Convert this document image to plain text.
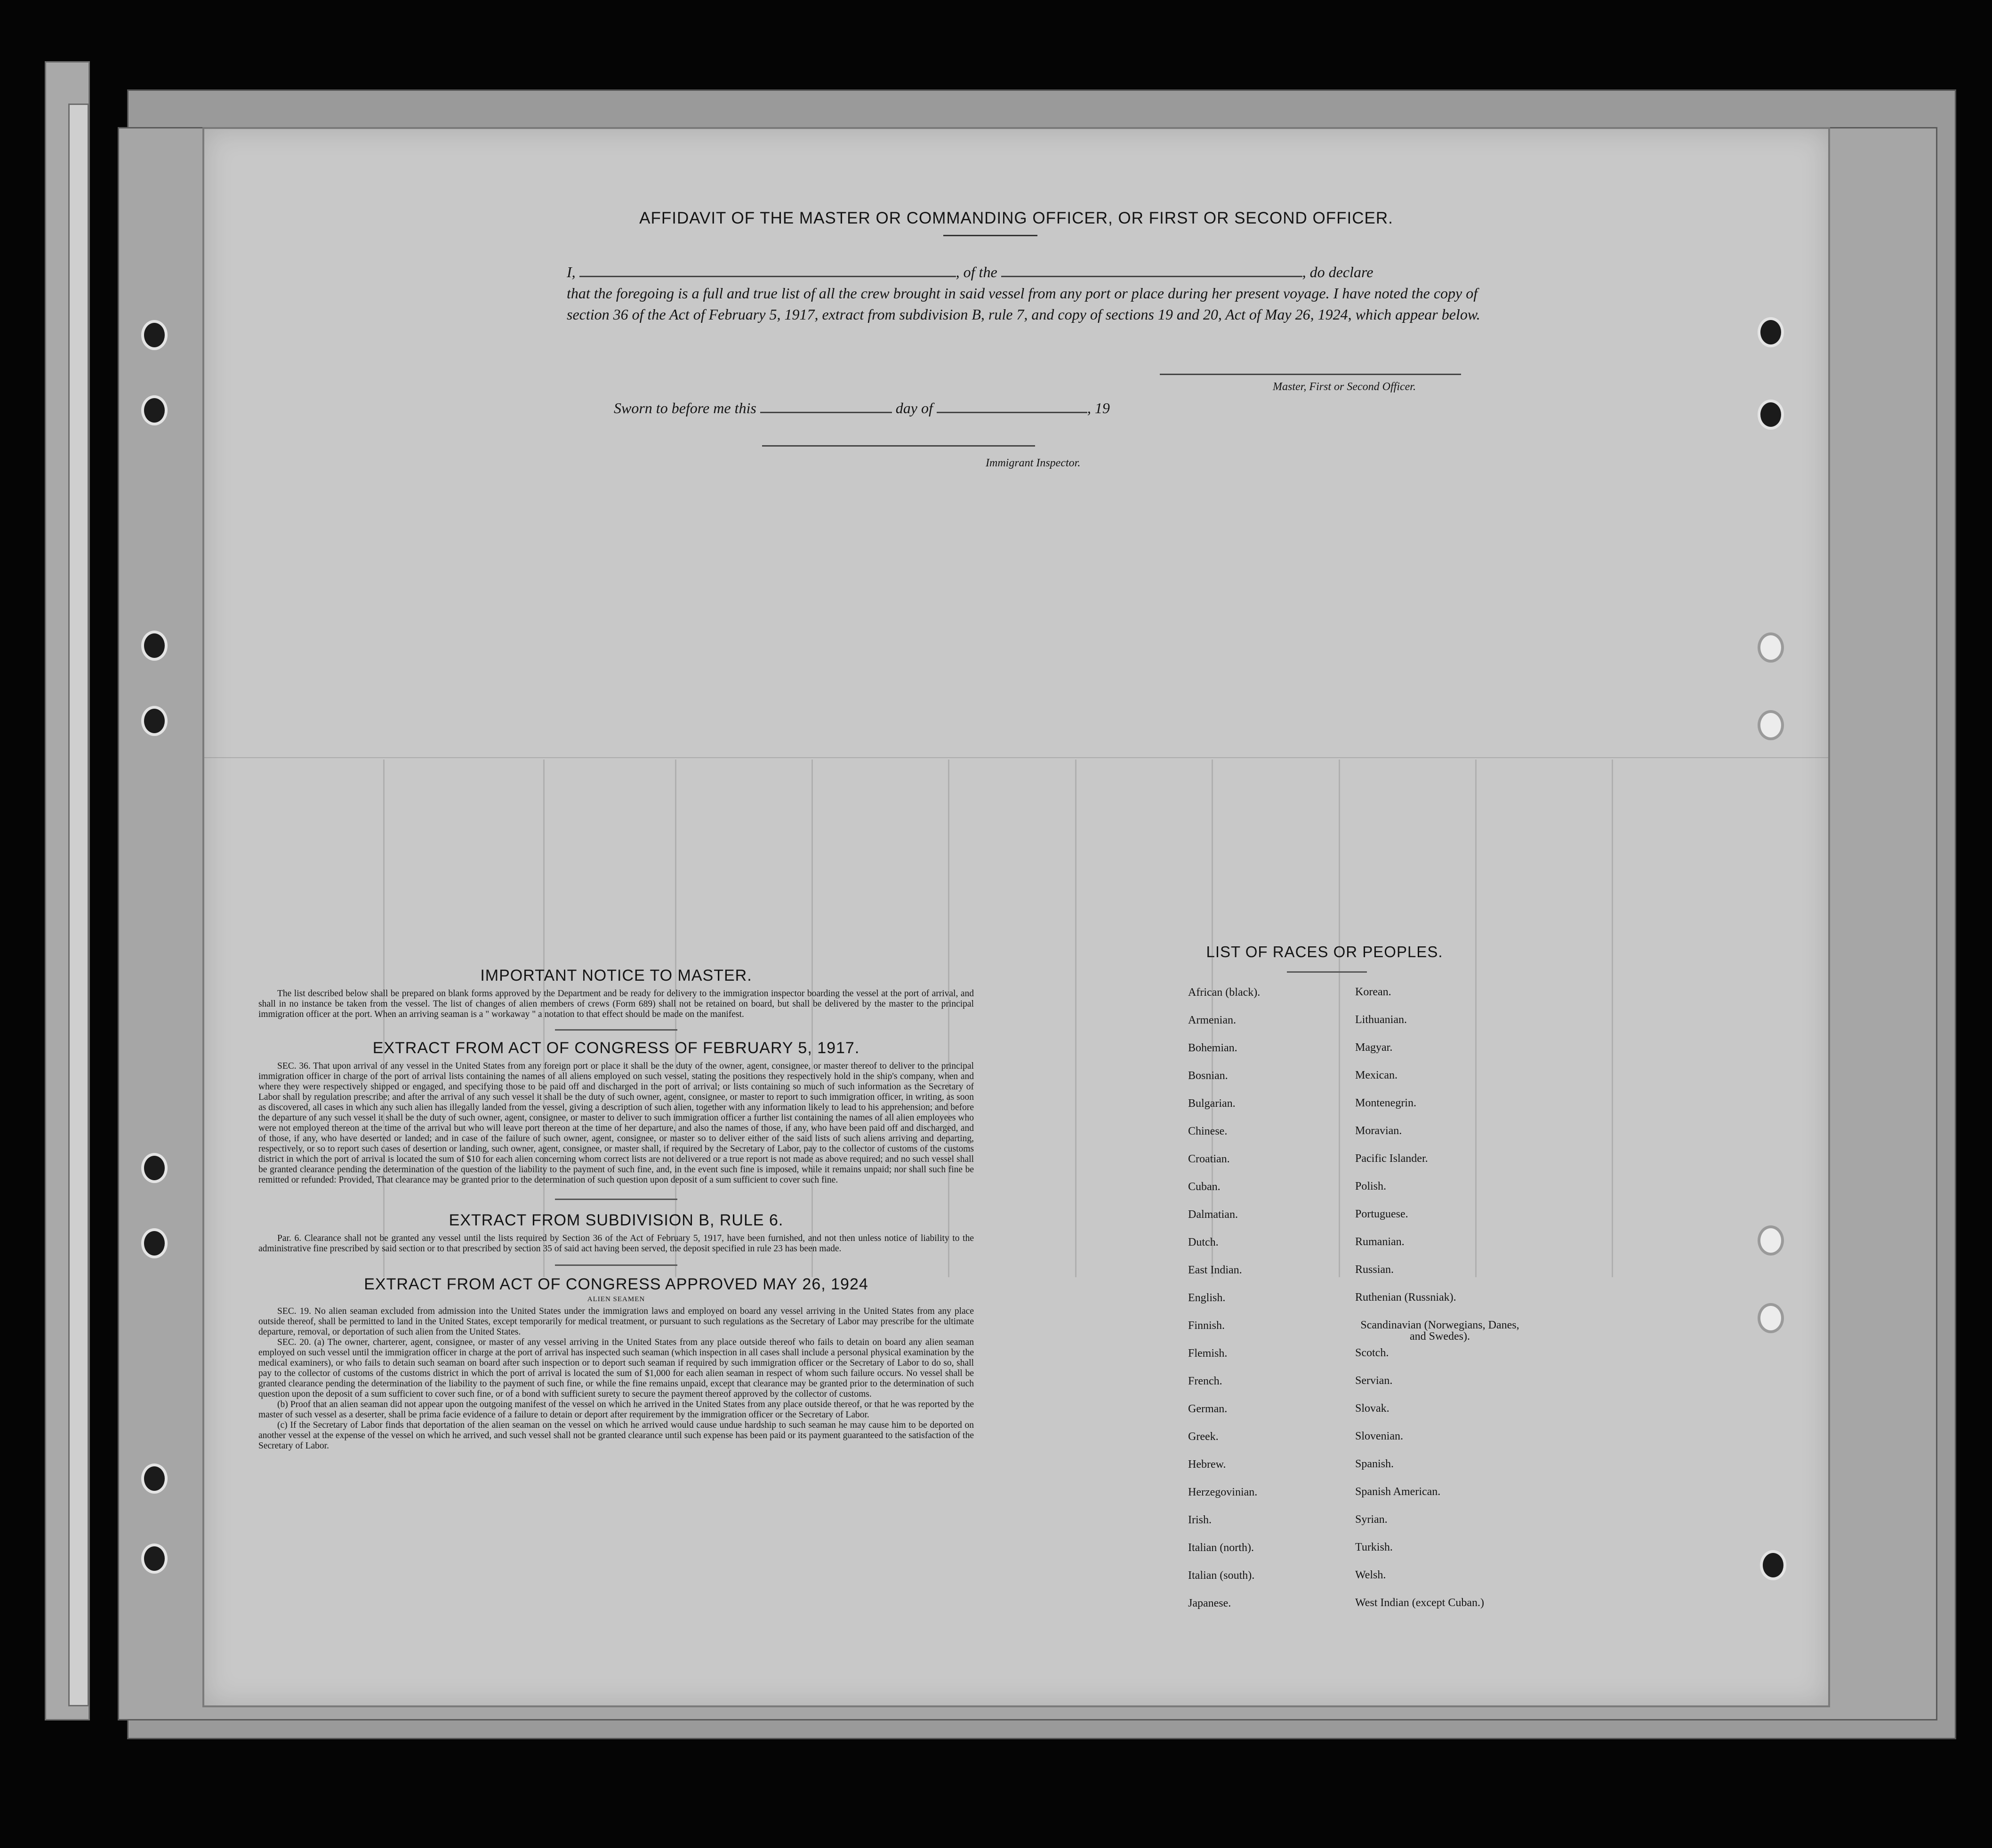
AFFIDAVIT OF THE MASTER OR COMMANDING OFFICER, OR FIRST OR SECOND OFFICER.
I,	, of the	, do declare
that the foregoing is a full and true list of all the crew brought in said vessel from any port or place during her present voyage. I have noted the copy of section 36 of the Act of February 5, 1917, extract from subdivision B, rule 7, and copy of sections 19 and 20, Act of May 26, 1924, which appear below.
Master, First or Second Officer.
Sworn to before me this	day of	, 19
Immigrant Inspector.
IMPORTANT NOTICE TO MASTER.

The list described below shall be prepared on blank forms approved by the Department and be ready for delivery to the immigration inspector boarding the vessel at the port of arrival, and shall in no instance be taken from the vessel. The list of changes of alien members of crews (Form 689) shall not be retained on board, but shall be delivered by the master to the principal immigration officer at the port. When an arriving seaman is a " workaway " a notation to that effect should be made on the manifest.

EXTRACT FROM ACT OF CONGRESS OF FEBRUARY 5, 1917.

SEC. 36. That upon arrival of any vessel in the United States from any foreign port or place it shall be the duty of the owner, agent, consignee, or master thereof to deliver to the principal immigration officer in charge of the port of arrival lists containing the names of all aliens employed on such vessel, stating the positions they respectively hold in the ship's company, when and where they were respectively shipped or engaged, and specifying those to be paid off and discharged in the port of arrival; or lists containing so much of such information as the Secretary of Labor shall by regulation prescribe; and after the arrival of any such vessel it shall be the duty of such owner, agent, consignee, or master to report to such immigration officer, in writing, as soon as discovered, all cases in which any such alien has illegally landed from the vessel, giving a description of such alien, together with any information likely to lead to his apprehension; and before the departure of any such vessel it shall be the duty of such owner, agent, consignee, or master to deliver to such immigration officer a further list containing the names of all alien employees who were not employed thereon at the time of the arrival but who will leave port thereon at the time of her departure, and also the names of those, if any, who have been paid off and discharged, and of those, if any, who have deserted or landed; and in case of the failure of such owner, agent, consignee, or master so to deliver either of the said lists of such aliens arriving and departing, respectively, or so to report such cases of desertion or landing, such owner, agent, consignee, or master shall, if required by the Secretary of Labor, pay to the collector of customs of the customs district in which the port of arrival is located the sum of $10 for each alien concerning whom correct lists are not delivered or a true report is not made as above required; and no such vessel shall be granted clearance pending the determination of the question of the liability to the payment of such fine, and, in the event such fine is imposed, while it remains unpaid; nor shall such fine be remitted or refunded: Provided, That clearance may be granted prior to the determination of such question upon deposit of a sum sufficient to cover such fine.

EXTRACT FROM SUBDIVISION B, RULE 6.

Par. 6. Clearance shall not be granted any vessel until the lists required by Section 36 of the Act of February 5, 1917, have been furnished, and not then unless notice of liability to the administrative fine prescribed by said section or to that prescribed by section 35 of said act having been served, the deposit specified in rule 23 has been made.

EXTRACT FROM ACT OF CONGRESS APPROVED MAY 26, 1924
ALIEN SEAMEN

SEC. 19. No alien seaman excluded from admission into the United States under the immigration laws and employed on board any vessel arriving in the United States from any place outside thereof, shall be permitted to land in the United States, except temporarily for medical treatment, or pursuant to such regulations as the Secretary of Labor may prescribe for the ultimate departure, removal, or deportation of such alien from the United States.

SEC. 20. (a) The owner, charterer, agent, consignee, or master of any vessel arriving in the United States from any place outside thereof who fails to detain on board any alien seaman employed on such vessel until the immigration officer in charge at the port of arrival has inspected such seaman (which inspection in all cases shall include a personal physical examination by the medical examiners), or who fails to detain such seaman on board after such inspection or to deport such seaman if required by such immigration officer or the Secretary of Labor to do so, shall pay to the collector of customs of the customs district in which the port of arrival is located the sum of $1,000 for each alien seaman in respect of whom such failure occurs. No vessel shall be granted clearance pending the determination of the liability to the payment of such fine, or while the fine remains unpaid, except that clearance may be granted prior to the determination of such question upon the deposit of a sum sufficient to cover such fine, or of a bond with sufficient surety to secure the payment thereof approved by the collector of customs.

(b) Proof that an alien seaman did not appear upon the outgoing manifest of the vessel on which he arrived in the United States from any place outside thereof, or that he was reported by the master of such vessel as a deserter, shall be prima facie evidence of a failure to detain or deport after requirement by the immigration officer or the Secretary of Labor.

(c) If the Secretary of Labor finds that deportation of the alien seaman on the vessel on which he arrived would cause undue hardship to such seaman he may cause him to be deported on another vessel at the expense of the vessel on which he arrived, and such vessel shall not be granted clearance until such expense has been paid or its payment guaranteed to the satisfaction of the Secretary of Labor.

LIST OF RACES OR PEOPLES.
African (black).	Korean.
Armenian.	Lithuanian.
Bohemian.	Magyar.
Bosnian.	Mexican.
Bulgarian.	Montenegrin.
Chinese.	Moravian.
Croatian.	Pacific Islander.
Cuban.	Polish.
Dalmatian.	Portuguese.
Dutch.	Rumanian.
East Indian.	Russian.
English.	Ruthenian (Russniak).
Finnish.	Scandinavian (Norwegians, Danes, and Swedes).
Flemish.	Scotch.
French.	Servian.
German.	Slovak.
Greek.	Slovenian.
Hebrew.	Spanish.
Herzegovinian.	Spanish American.
Irish.	Syrian.
Italian (north).	Turkish.
Italian (south).	Welsh.
Japanese.	West Indian (except Cuban.)
